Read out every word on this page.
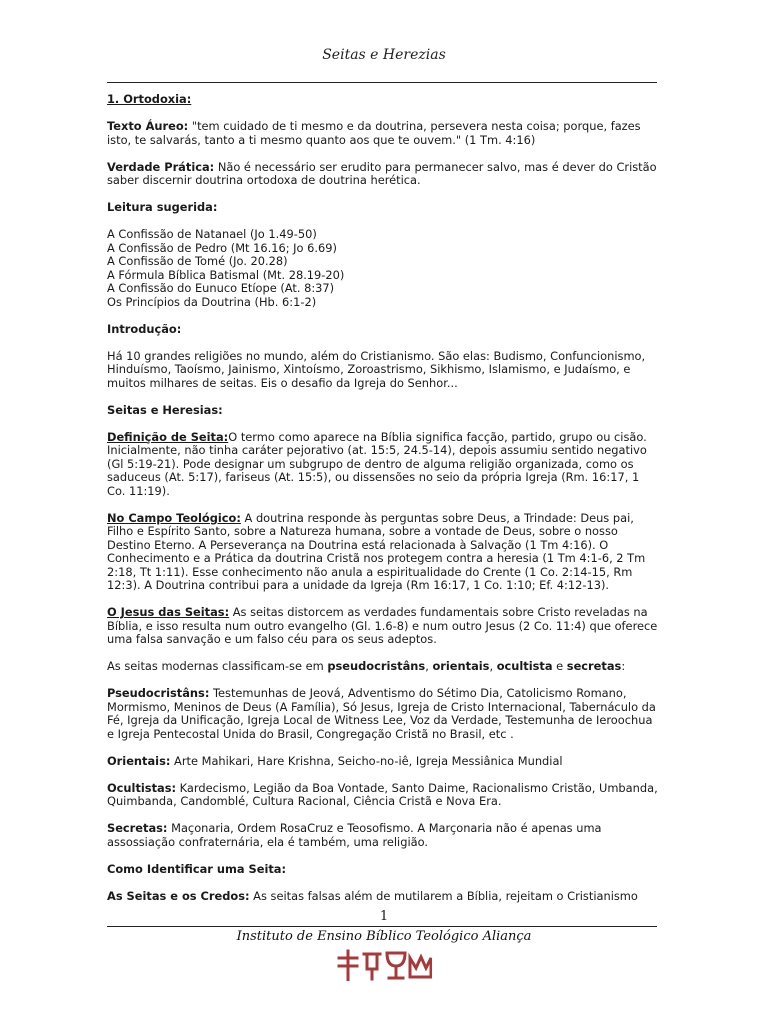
Seitas e Herezias

1. Ortodoxia:

Texto Áureo: "tem cuidado de ti mesmo e da doutrina, persevera nesta coisa; porque, fazes isto, te salvarás, tanto a ti mesmo quanto aos que te ouvem." (1 Tm. 4:16)

Verdade Prática: Não é necessário ser erudito para permanecer salvo, mas é dever do Cristão saber discernir doutrina ortodoxa de doutrina herética.

Leitura sugerida:

A Confissão de Natanael (Jo 1.49-50)
A Confissão de Pedro (Mt 16.16; Jo 6.69)
A Confissão de Tomé (Jo. 20.28)
A Fórmula Bíblica Batismal (Mt. 28.19-20)
A Confissão do Eunuco Etíope (At. 8:37)
Os Princípios da Doutrina (Hb. 6:1-2)

Introdução:

Há 10 grandes religiões no mundo, além do Cristianismo. São elas: Budismo, Confuncionismo, Hinduísmo, Taoísmo, Jainismo, Xintoísmo, Zoroastrismo, Sikhismo, Islamismo, e Judaísmo, e muitos milhares de seitas. Eis o desafio da Igreja do Senhor...

Seitas e Heresias:

Definição de Seita:O termo como aparece na Bíblia significa facção, partido, grupo ou cisão. Inicialmente, não tinha caráter pejorativo (at. 15:5, 24.5-14), depois assumiu sentido negativo (Gl 5:19-21). Pode designar um subgrupo de dentro de alguma religião organizada, como os saduceus (At. 5:17), fariseus (At. 15:5), ou dissensões no seio da própria Igreja (Rm. 16:17, 1 Co. 11:19).

No Campo Teológico: A doutrina responde às perguntas sobre Deus, a Trindade: Deus pai, Filho e Espírito Santo, sobre a Natureza humana, sobre a vontade de Deus, sobre o nosso Destino Eterno. A Perseverança na Doutrina está relacionada à Salvação (1 Tm 4:16). O Conhecimento e a Prática da doutrina Cristã nos protegem contra a heresia (1 Tm 4:1-6, 2 Tm 2:18, Tt 1:11). Esse conhecimento não anula a espiritualidade do Crente (1 Co. 2:14-15, Rm 12:3). A Doutrina contribui para a unidade da Igreja (Rm 16:17, 1 Co. 1:10; Ef. 4:12-13).

O Jesus das Seitas: As seitas distorcem as verdades fundamentais sobre Cristo reveladas na Bíblia, e isso resulta num outro evangelho (Gl. 1.6-8) e num outro Jesus (2 Co. 11:4) que oferece uma falsa sanvação e um falso céu para os seus adeptos.

As seitas modernas classificam-se em pseudocristâns, orientais, ocultista e secretas:

Pseudocristâns: Testemunhas de Jeová, Adventismo do Sétimo Dia, Catolicismo Romano, Mormismo, Meninos de Deus (A Família), Só Jesus, Igreja de Cristo Internacional, Tabernáculo da Fé, Igreja da Unificação, Igreja Local de Witness Lee, Voz da Verdade, Testemunha de Ieroochua e Igreja Pentecostal Unida do Brasil, Congregação Cristã no Brasil, etc .

Orientais: Arte Mahikari, Hare Krishna, Seicho-no-iê, Igreja Messiânica Mundial

Ocultistas: Kardecismo, Legião da Boa Vontade, Santo Daime, Racionalismo Cristão, Umbanda, Quimbanda, Candomblé, Cultura Racional, Ciência Cristã e Nova Era.

Secretas: Maçonaria, Ordem RosaCruz e Teosofismo. A Marçonaria não é apenas uma assossiação confraternária, ela é também, uma religião.

Como Identificar uma Seita:

As Seitas e os Credos: As seitas falsas além de mutilarem a Bíblia, rejeitam o Cristianismo

1
Instituto de Ensino Bíblico Teológico Aliança
